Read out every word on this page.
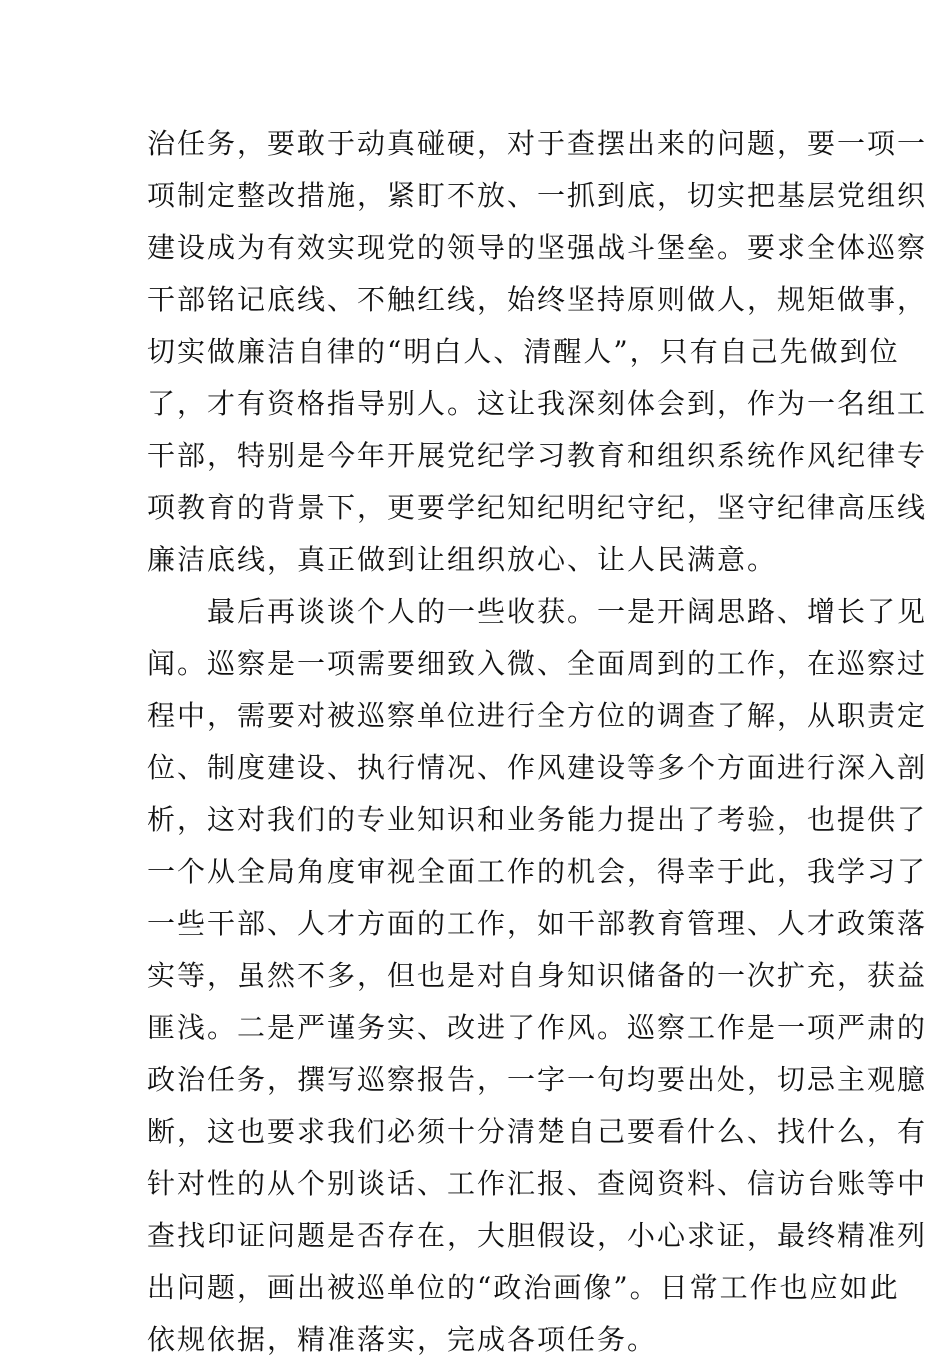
治任务，要敢于动真碰硬，对于查摆出来的问题，要一项一
项制定整改措施，紧盯不放、一抓到底，切实把基层党组织
建设成为有效实现党的领导的坚强战斗堡垒。要求全体巡察
干部铭记底线、不触红线，始终坚持原则做人，规矩做事，
切实做廉洁自律的“明白人、清醒人”，只有自己先做到位
了，才有资格指导别人。这让我深刻体会到，作为一名组工
干部，特别是今年开展党纪学习教育和组织系统作风纪律专
项教育的背景下，更要学纪知纪明纪守纪，坚守纪律高压线
廉洁底线，真正做到让组织放心、让人民满意。
　　最后再谈谈个人的一些收获。一是开阔思路、增长了见
闻。巡察是一项需要细致入微、全面周到的工作，在巡察过
程中，需要对被巡察单位进行全方位的调查了解，从职责定
位、制度建设、执行情况、作风建设等多个方面进行深入剖
析，这对我们的专业知识和业务能力提出了考验，也提供了
一个从全局角度审视全面工作的机会，得幸于此，我学习了
一些干部、人才方面的工作，如干部教育管理、人才政策落
实等，虽然不多，但也是对自身知识储备的一次扩充，获益
匪浅。二是严谨务实、改进了作风。巡察工作是一项严肃的
政治任务，撰写巡察报告，一字一句均要出处，切忌主观臆
断，这也要求我们必须十分清楚自己要看什么、找什么，有
针对性的从个别谈话、工作汇报、查阅资料、信访台账等中
查找印证问题是否存在，大胆假设，小心求证，最终精准列
出问题，画出被巡单位的“政治画像”。日常工作也应如此
依规依据，精准落实，完成各项任务。
